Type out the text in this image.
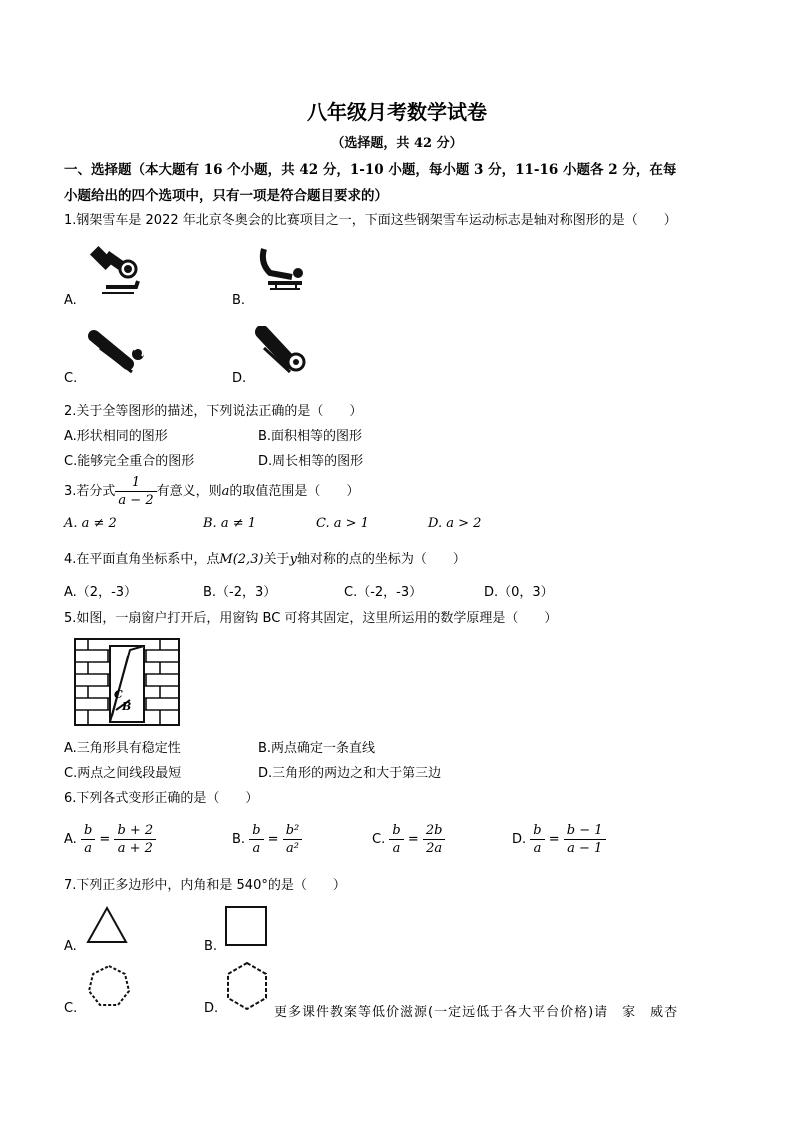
八年级月考数学试卷
（选择题，共 42 分）
一、选择题（本大题有 16 个小题，共 42 分，1-10 小题，每小题 3 分，11-16 小题各 2 分，在每
小题给出的四个选项中，只有一项是符合题目要求的）
1.钢架雪车是 2022 年北京冬奥会的比赛项目之一，下面这些钢架雪车运动标志是轴对称图形的是（　　）
A.	B.
C.	D.
2.关于全等图形的描述，下列说法正确的是（　　）
A.形状相同的图形	B.面积相等的图形
C.能够完全重合的图形	D.周长相等的图形
3.若分式 $\frac{1}{a - 2}$ 有意义，则a的取值范围是（　　）
A. a ≠ 2	B. a ≠ 1	C. a > 1	D. a > 2
4.在平面直角坐标系中，点M(2,3)关于y轴对称的点的坐标为（　　）
A.（2，-3）	B.（-2，3）	C.（-2，-3）	D.（0，3）
5.如图，一扇窗户打开后，用窗钩 BC 可将其固定，这里所运用的数学原理是（　　）
C
B
A.三角形具有稳定性	B.两点确定一条直线
C.两点之间线段最短	D.三角形的两边之和大于第三边
6.下列各式变形正确的是（　　）
A. $\frac{b}{a} = \frac{b + 2}{a + 2}$	B. $\frac{b}{a} = \frac{\text{b²}}{\text{a²}}$	C. $\frac{b}{a} = \frac{2b}{2a}$	D. $\frac{b}{a} = \frac{b - 1}{a - 1}$
7.下列正多边形中，内角和是 540°的是（　　）
A.	B.
C.	D.	更多课件教案等低价滋源(一定远低于各大平台价格)请　家　威杏
